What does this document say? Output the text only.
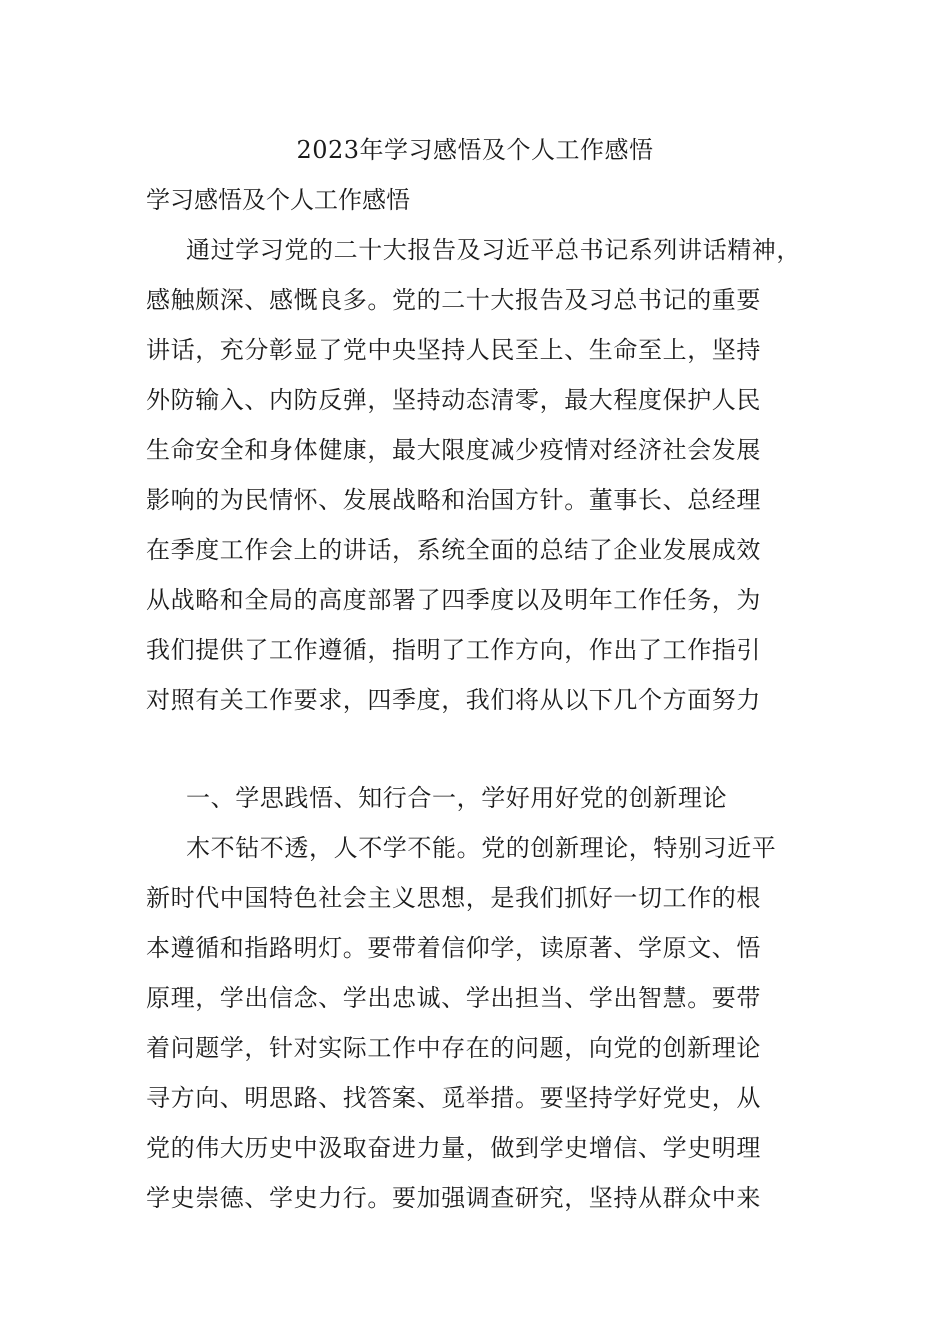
2023年学习感悟及个人工作感悟
学习感悟及个人工作感悟
通过学习党的二十大报告及习近平总书记系列讲话精神，
感触颇深、感慨良多。党的二十大报告及习总书记的重要
讲话，充分彰显了党中央坚持人民至上、生命至上，坚持
外防输入、内防反弹，坚持动态清零，最大程度保护人民
生命安全和身体健康，最大限度减少疫情对经济社会发展
影响的为民情怀、发展战略和治国方针。董事长、总经理
在季度工作会上的讲话，系统全面的总结了企业发展成效
从战略和全局的高度部署了四季度以及明年工作任务，为
我们提供了工作遵循，指明了工作方向，作出了工作指引
对照有关工作要求，四季度，我们将从以下几个方面努力
一、学思践悟、知行合一，学好用好党的创新理论
木不钻不透，人不学不能。党的创新理论，特别习近平
新时代中国特色社会主义思想，是我们抓好一切工作的根
本遵循和指路明灯。要带着信仰学，读原著、学原文、悟
原理，学出信念、学出忠诚、学出担当、学出智慧。要带
着问题学，针对实际工作中存在的问题，向党的创新理论
寻方向、明思路、找答案、觅举措。要坚持学好党史，从
党的伟大历史中汲取奋进力量，做到学史增信、学史明理
学史崇德、学史力行。要加强调查研究，坚持从群众中来
